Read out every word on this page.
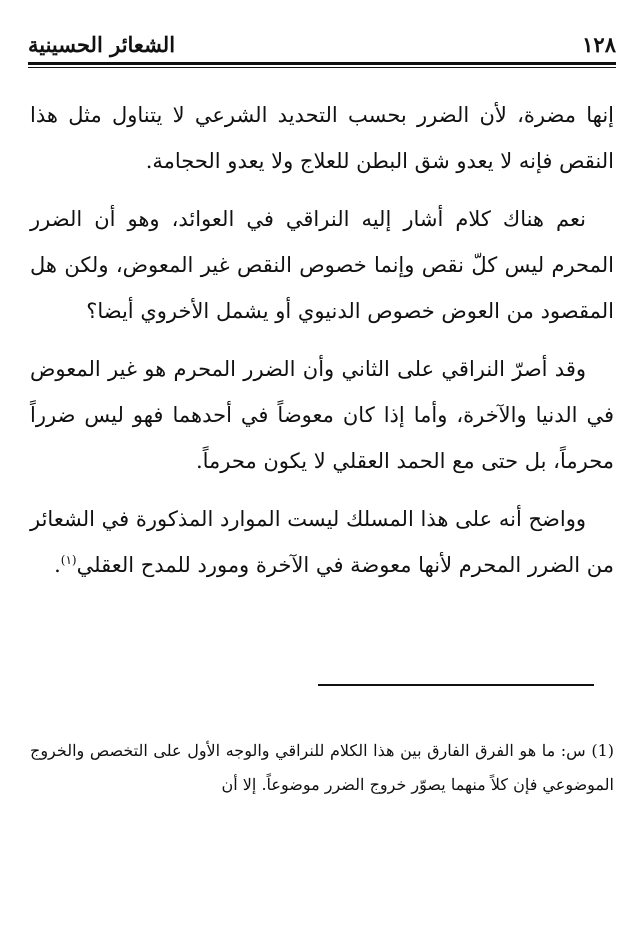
الشعائر الحسينية	١٢٨

إنها مضرة، لأن الضرر بحسب التحديد الشرعي لا يتناول مثل هذا النقص فإنه لا يعدو شق البطن للعلاج ولا يعدو الحجامة.

نعم هناك كلام أشار إليه النراقي في العوائد، وهو أن الضرر المحرم ليس كلّ نقص وإنما خصوص النقص غير المعوض، ولكن هل المقصود من العوض خصوص الدنيوي أو يشمل الأخروي أيضا؟

وقد أصرّ النراقي على الثاني وأن الضرر المحرم هو غير المعوض في الدنيا والآخرة، وأما إذا كان معوضاً في أحدهما فهو ليس ضرراً محرماً، بل حتى مع الحمد العقلي لا يكون محرماً.

وواضح أنه على هذا المسلك ليست الموارد المذكورة في الشعائر من الضرر المحرم لأنها معوضة في الآخرة ومورد للمدح العقلي$^{(١)}$.

(1) س: ما هو الفرق الفارق بين هذا الكلام للنراقي والوجه الأول على التخصص والخروج الموضوعي فإن كلاً منهما يصوّر خروج الضرر موضوعاً. إلا أن
